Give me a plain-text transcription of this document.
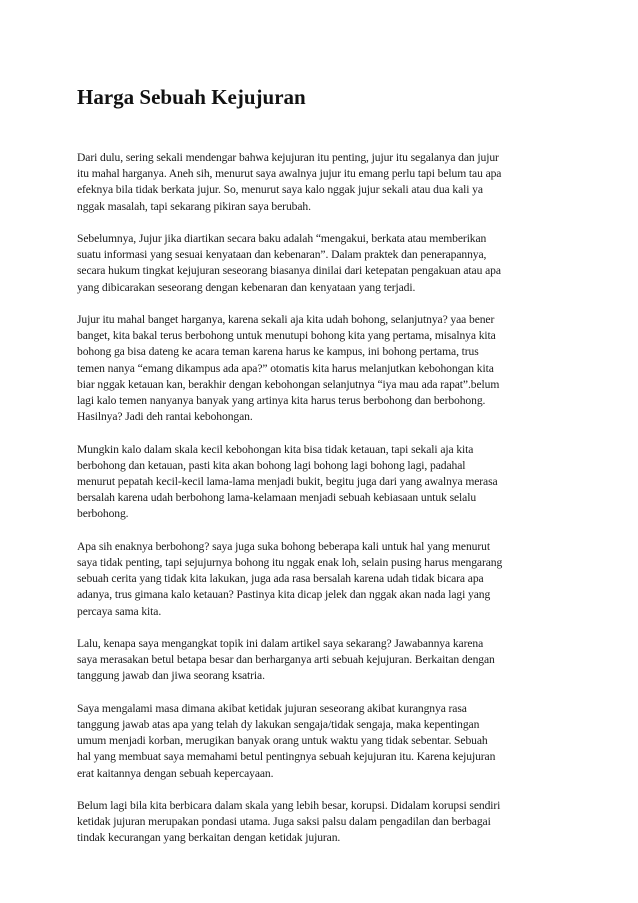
Harga Sebuah Kejujuran

Dari dulu, sering sekali mendengar bahwa kejujuran itu penting, jujur itu segalanya dan jujur
itu mahal harganya. Aneh sih, menurut saya awalnya jujur itu emang perlu tapi belum tau apa
efeknya bila tidak berkata jujur. So, menurut saya kalo nggak jujur sekali atau dua kali ya
nggak masalah, tapi sekarang pikiran saya berubah.

Sebelumnya, Jujur jika diartikan secara baku adalah “mengakui, berkata atau memberikan
suatu informasi yang sesuai kenyataan dan kebenaran”. Dalam praktek dan penerapannya,
secara hukum tingkat kejujuran seseorang biasanya dinilai dari ketepatan pengakuan atau apa
yang dibicarakan seseorang dengan kebenaran dan kenyataan yang terjadi.

Jujur itu mahal banget harganya, karena sekali aja kita udah bohong, selanjutnya? yaa bener
banget, kita bakal terus berbohong untuk menutupi bohong kita yang pertama, misalnya kita
bohong ga bisa dateng ke acara teman karena harus ke kampus, ini bohong pertama, trus
temen nanya “emang dikampus ada apa?” otomatis kita harus melanjutkan kebohongan kita
biar nggak ketauan kan, berakhir dengan kebohongan selanjutnya “iya mau ada rapat”.belum
lagi kalo temen nanyanya banyak yang artinya kita harus terus berbohong dan berbohong.
Hasilnya? Jadi deh rantai kebohongan.

Mungkin kalo dalam skala kecil kebohongan kita bisa tidak ketauan, tapi sekali aja kita
berbohong dan ketauan, pasti kita akan bohong lagi bohong lagi bohong lagi, padahal
menurut pepatah kecil-kecil lama-lama menjadi bukit, begitu juga dari yang awalnya merasa
bersalah karena udah berbohong lama-kelamaan menjadi sebuah kebiasaan untuk selalu
berbohong.

Apa sih enaknya berbohong? saya juga suka bohong beberapa kali untuk hal yang menurut
saya tidak penting, tapi sejujurnya bohong itu nggak enak loh, selain pusing harus mengarang
sebuah cerita yang tidak kita lakukan, juga ada rasa bersalah karena udah tidak bicara apa
adanya, trus gimana kalo ketauan? Pastinya kita dicap jelek dan nggak akan nada lagi yang
percaya sama kita.

Lalu, kenapa saya mengangkat topik ini dalam artikel saya sekarang? Jawabannya karena
saya merasakan betul betapa besar dan berharganya arti sebuah kejujuran. Berkaitan dengan
tanggung jawab dan jiwa seorang ksatria.

Saya mengalami masa dimana akibat ketidak jujuran seseorang akibat kurangnya rasa
tanggung jawab atas apa yang telah dy lakukan sengaja/tidak sengaja, maka kepentingan
umum menjadi korban, merugikan banyak orang untuk waktu yang tidak sebentar. Sebuah
hal yang membuat saya memahami betul pentingnya sebuah kejujuran itu. Karena kejujuran
erat kaitannya dengan sebuah kepercayaan.

Belum lagi bila kita berbicara dalam skala yang lebih besar, korupsi. Didalam korupsi sendiri
ketidak jujuran merupakan pondasi utama. Juga saksi palsu dalam pengadilan dan berbagai
tindak kecurangan yang berkaitan dengan ketidak jujuran.
